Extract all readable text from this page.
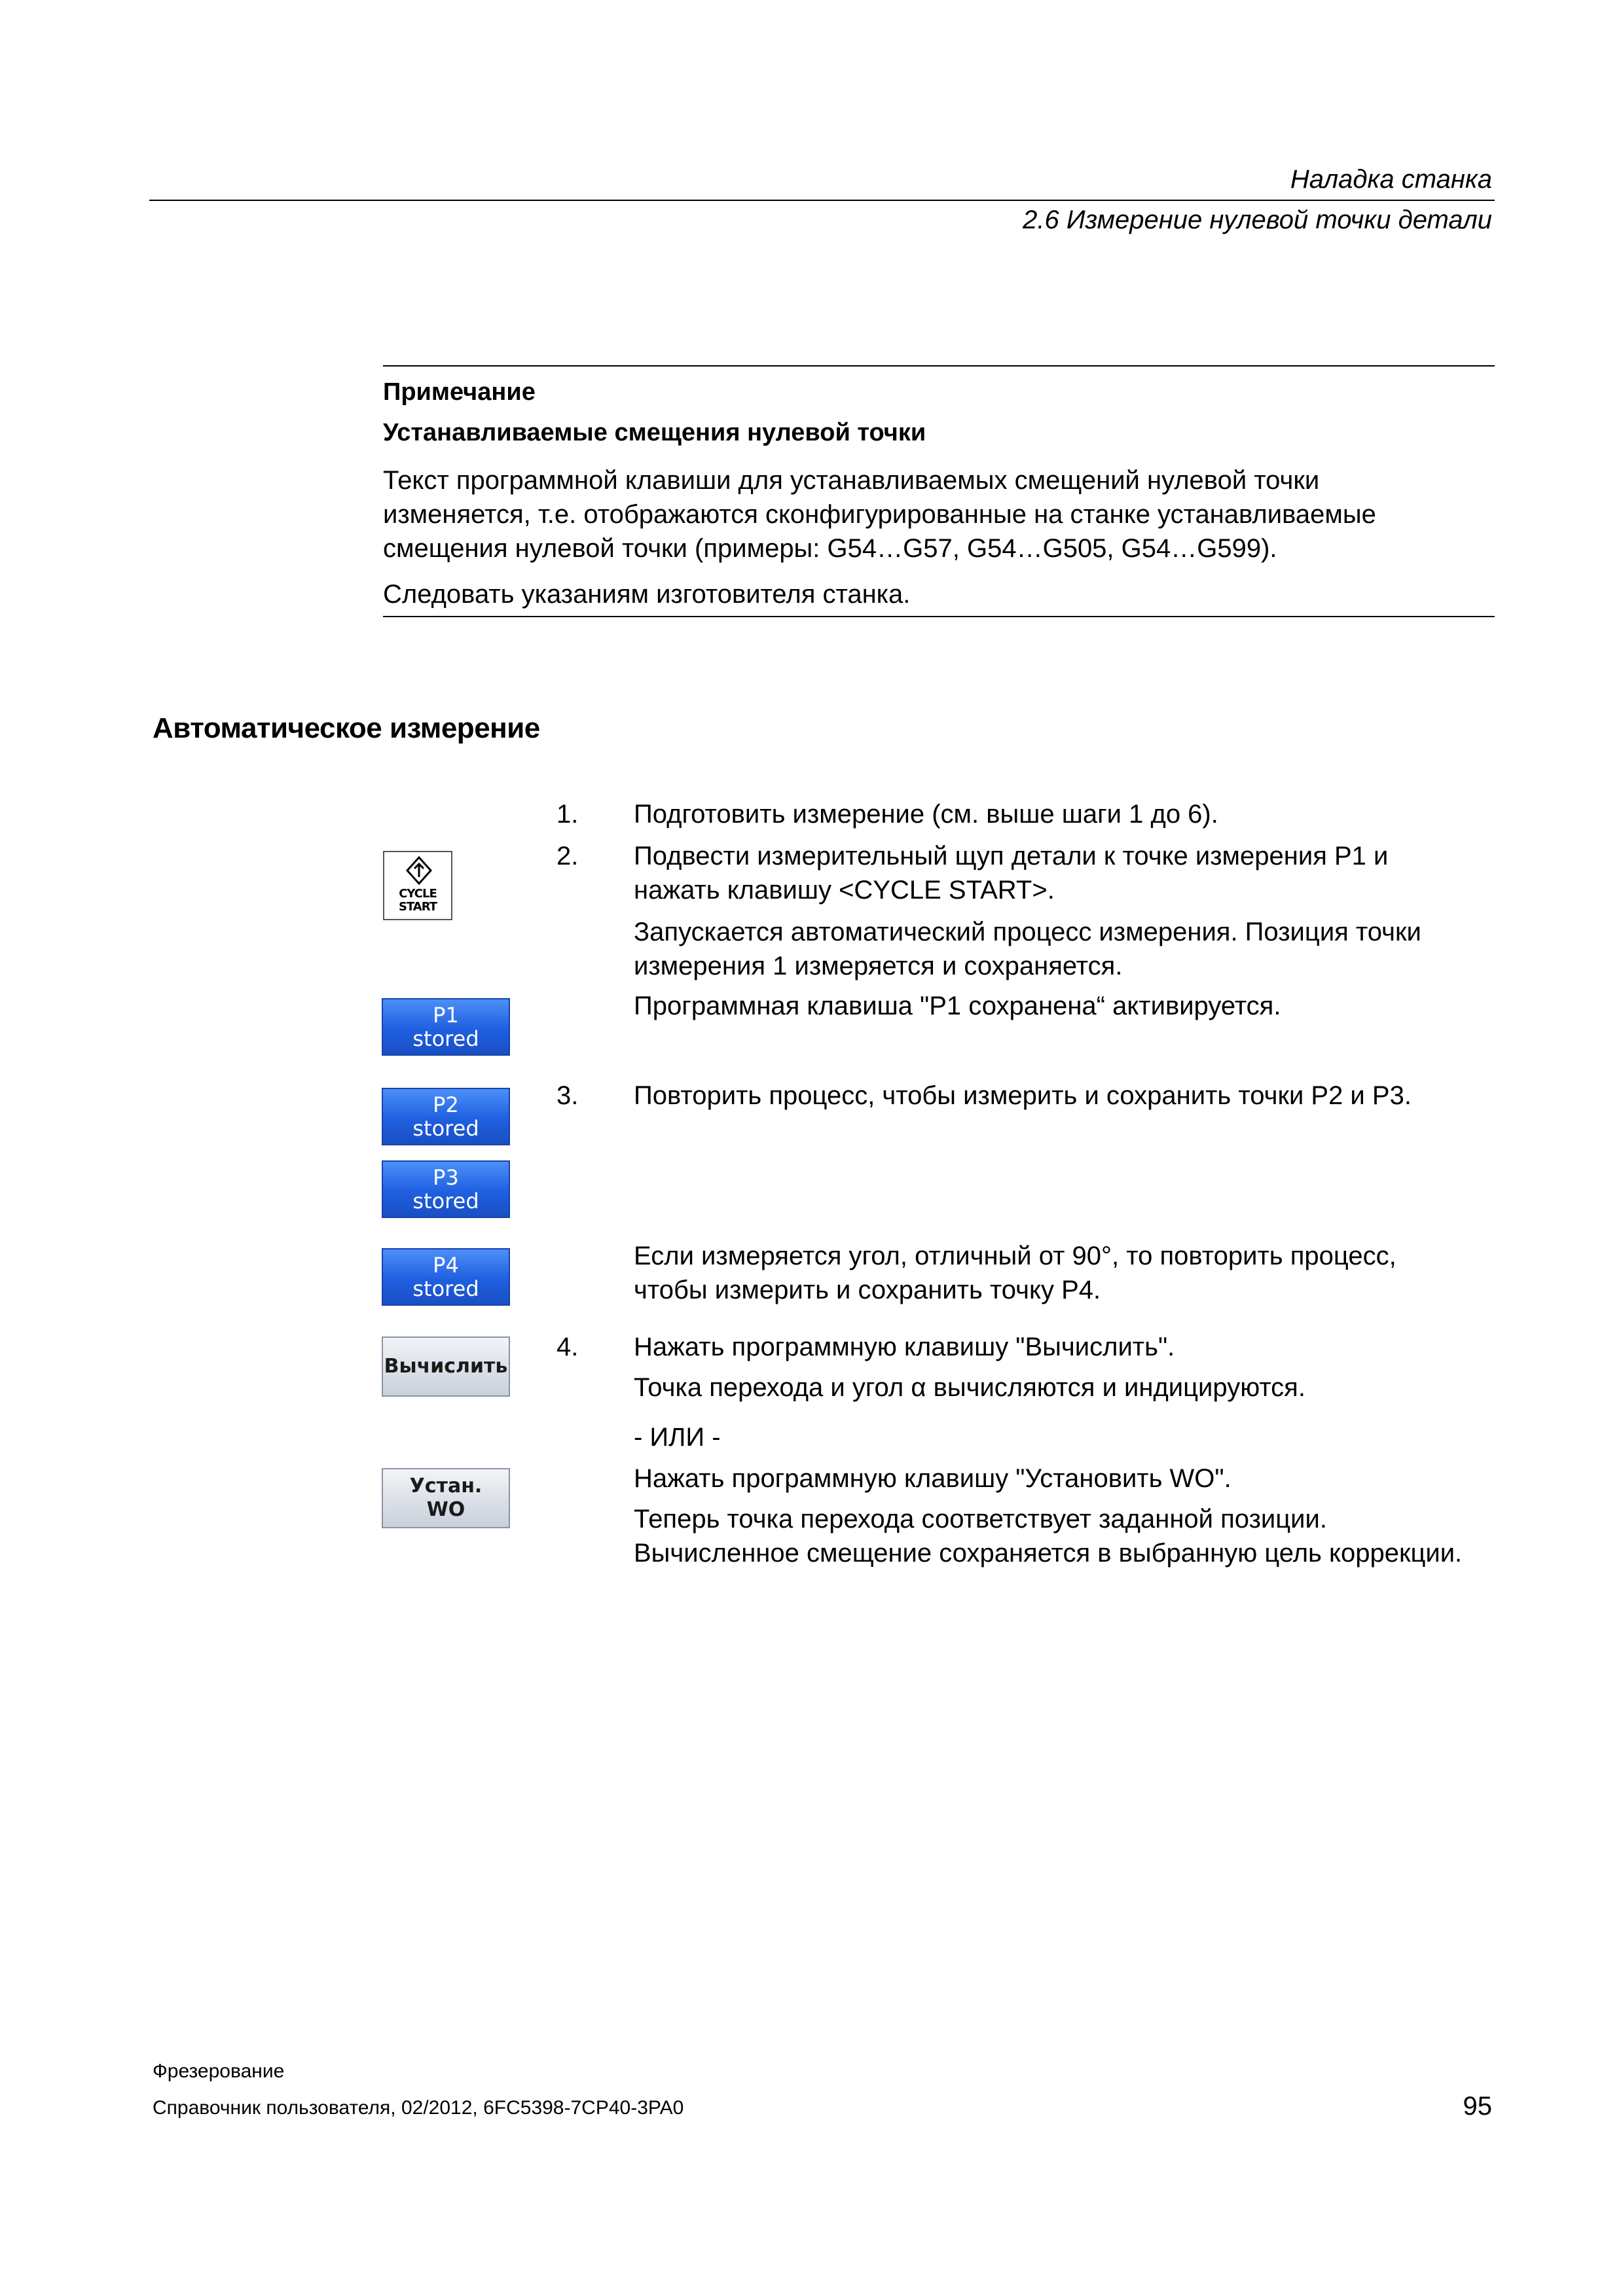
Наладка станка
2.6 Измерение нулевой точки детали
Примечание
Устанавливаемые смещения нулевой точки
Текст программной клавиши для устанавливаемых смещений нулевой точки
изменяется, т.е. отображаются сконфигурированные на станке устанавливаемые
смещения нулевой точки (примеры: G54…G57, G54…G505, G54…G599).
Следовать указаниям изготовителя станка.
Автоматическое измерение
1. Подготовить измерение (см. выше шаги 1 до 6).
2. Подвести измерительный щуп детали к точке измерения Р1 и
нажать клавишу <CYCLE START>.
Запускается автоматический процесс измерения. Позиция точки
измерения 1 измеряется и сохраняется.
Программная клавиша "Р1 сохранена“ активируется.
3. Повторить процесс, чтобы измерить и сохранить точки Р2 и Р3.
Если измеряется угол, отличный от 90°, то повторить процесс,
чтобы измерить и сохранить точку Р4.
4. Нажать программную клавишу "Вычислить".
Точка перехода и угол α вычисляются и индицируются.
- ИЛИ -
Нажать программную клавишу "Установить WO".
Теперь точка перехода соответствует заданной позиции.
Вычисленное смещение сохраняется в выбранную цель коррекции.
CYCLE
START
P1
stored
P2
stored
P3
stored
P4
stored
Вычислить
Устан.
WO
Фрезерование
Справочник пользователя, 02/2012, 6FC5398-7CP40-3PA0	95
